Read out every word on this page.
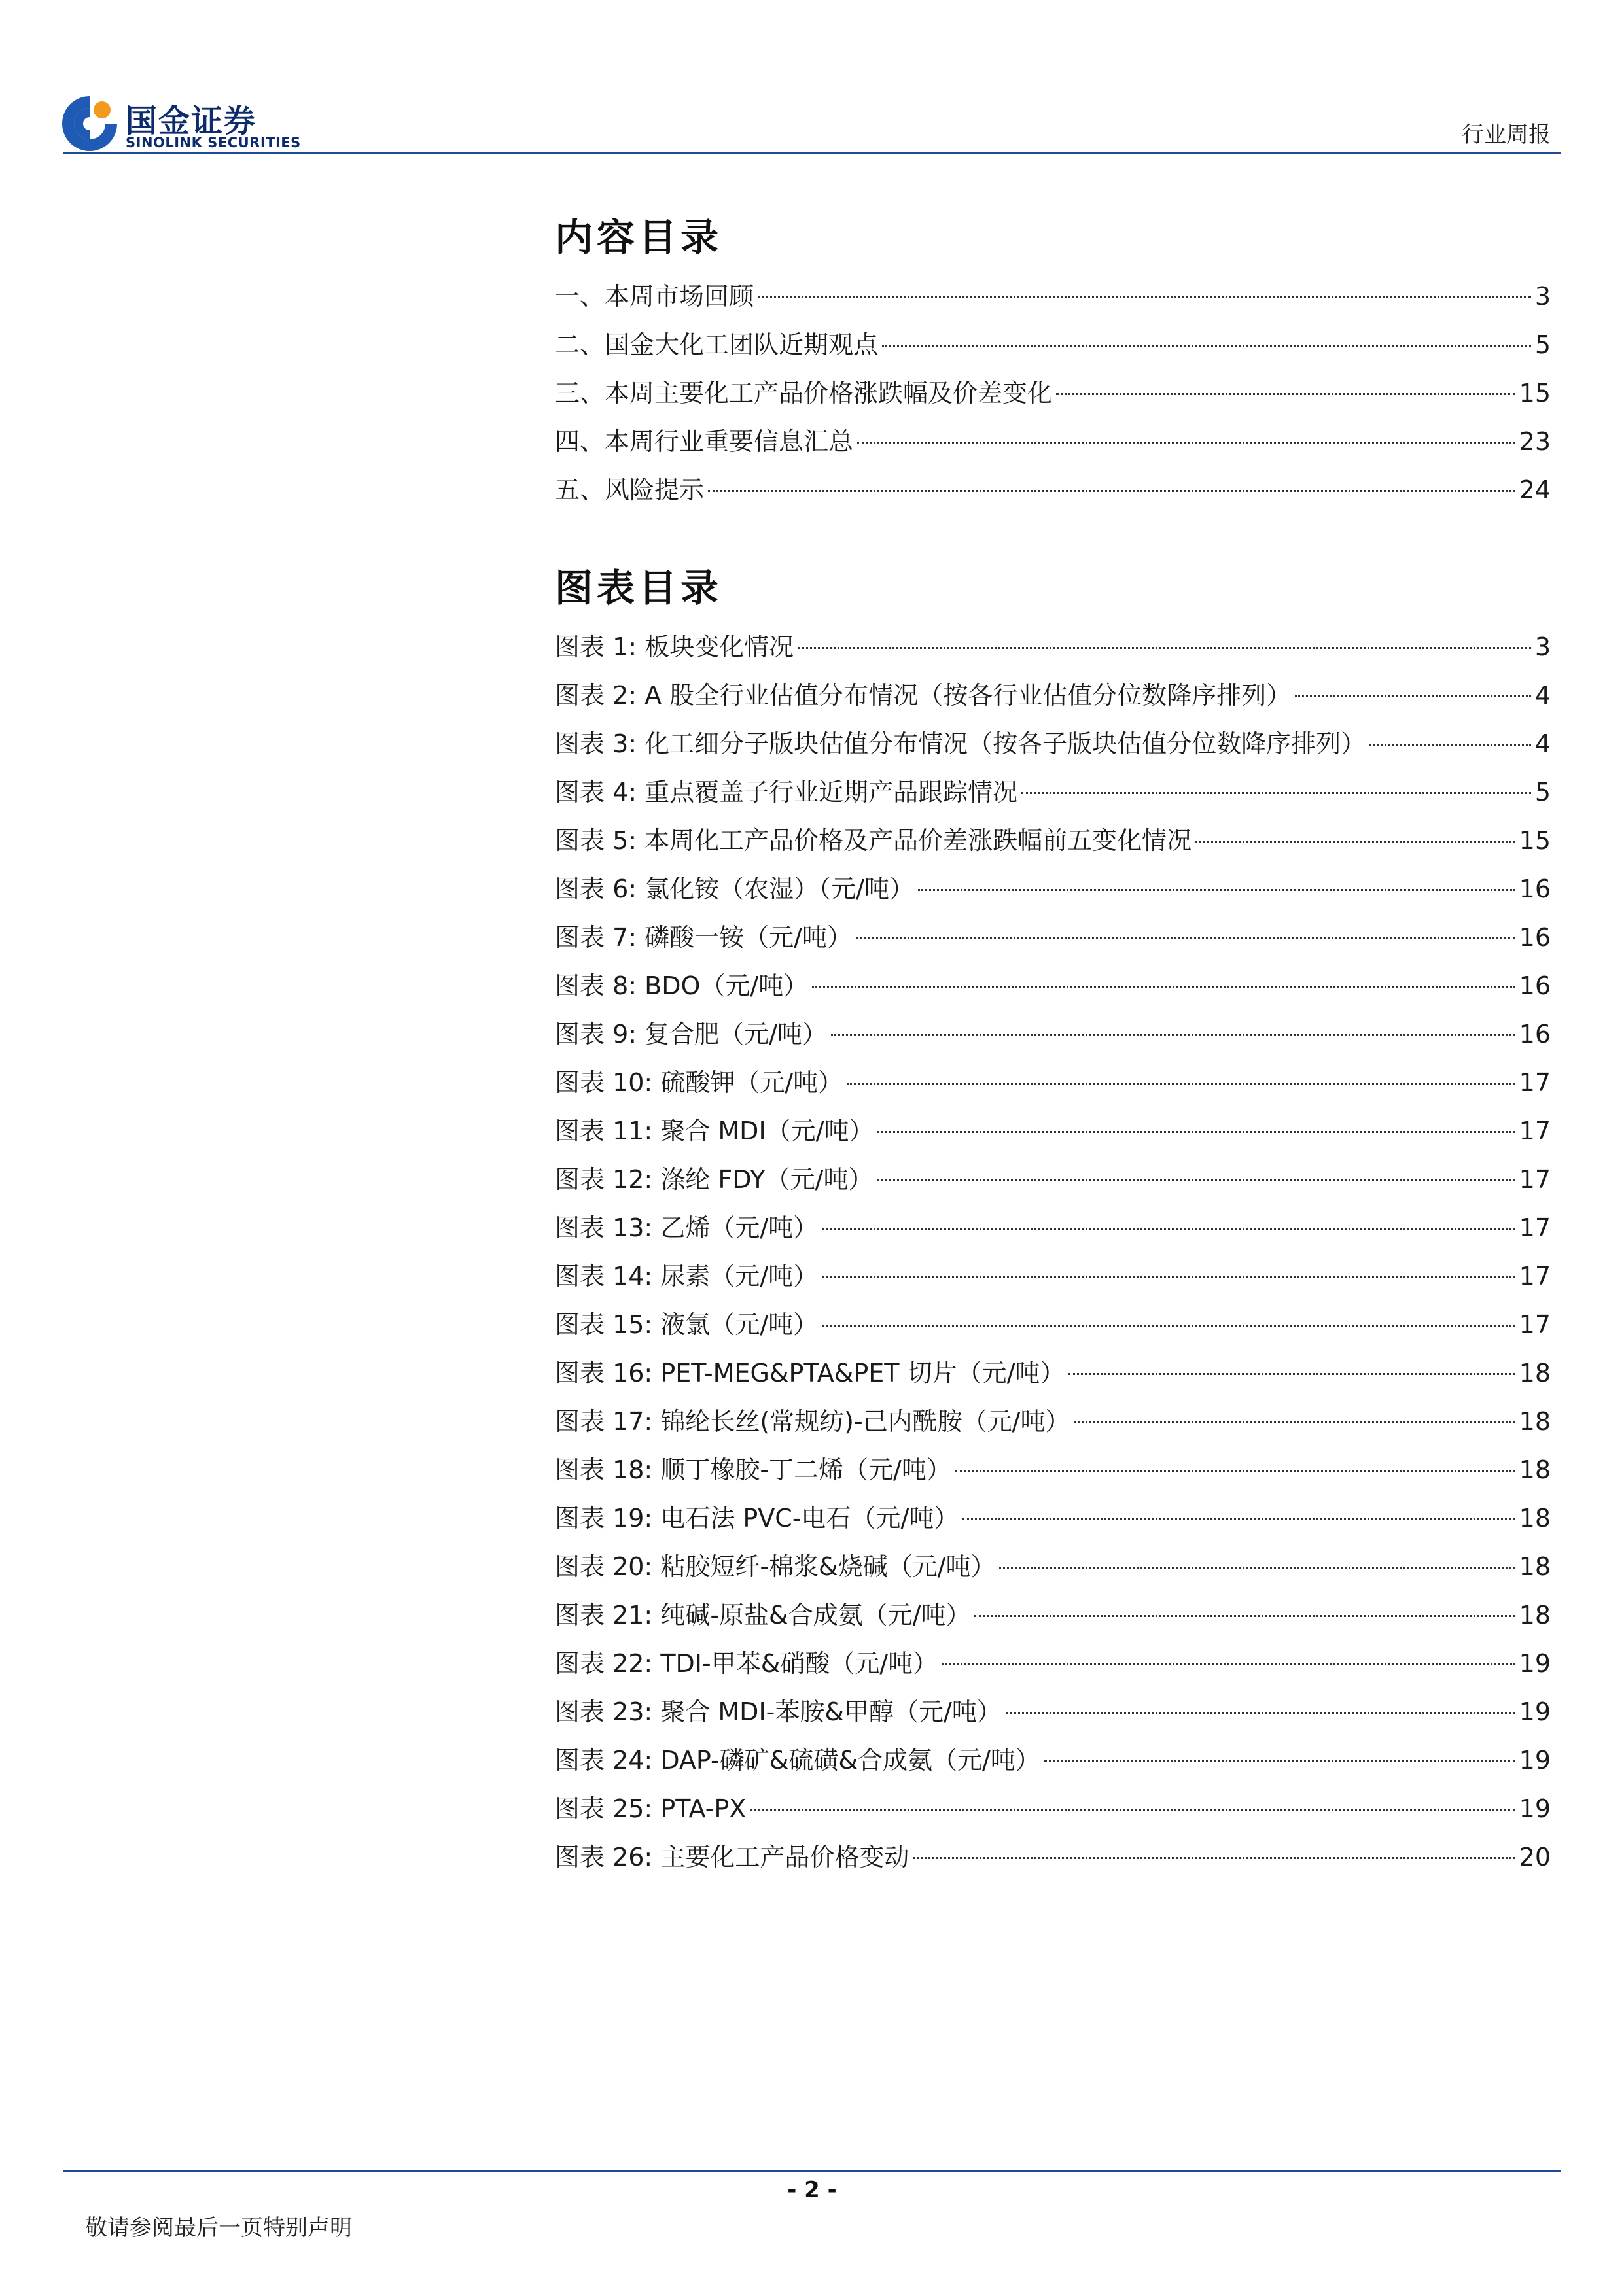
国金证券
SINOLINK SECURITIES	行业周报
内容目录
一、本周市场回顾	3
二、国金大化工团队近期观点	5
三、本周主要化工产品价格涨跌幅及价差变化	15
四、本周行业重要信息汇总	23
五、风险提示	24
图表目录
图表 1: 板块变化情况	3
图表 2: A 股全行业估值分布情况（按各行业估值分位数降序排列）	4
图表 3: 化工细分子版块估值分布情况（按各子版块估值分位数降序排列）	4
图表 4: 重点覆盖子行业近期产品跟踪情况	5
图表 5: 本周化工产品价格及产品价差涨跌幅前五变化情况	15
图表 6: 氯化铵（农湿）（元/吨）	16
图表 7: 磷酸一铵（元/吨）	16
图表 8: BDO（元/吨）	16
图表 9: 复合肥（元/吨）	16
图表 10: 硫酸钾（元/吨）	17
图表 11: 聚合 MDI（元/吨）	17
图表 12: 涤纶 FDY（元/吨）	17
图表 13: 乙烯（元/吨）	17
图表 14: 尿素（元/吨）	17
图表 15: 液氯（元/吨）	17
图表 16: PET-MEG&PTA&PET 切片（元/吨）	18
图表 17: 锦纶长丝(常规纺)-己内酰胺（元/吨）	18
图表 18: 顺丁橡胶-丁二烯（元/吨）	18
图表 19: 电石法 PVC-电石（元/吨）	18
图表 20: 粘胶短纤-棉浆&烧碱（元/吨）	18
图表 21: 纯碱-原盐&合成氨（元/吨）	18
图表 22: TDI-甲苯&硝酸（元/吨）	19
图表 23: 聚合 MDI-苯胺&甲醇（元/吨）	19
图表 24: DAP-磷矿&硫磺&合成氨（元/吨）	19
图表 25: PTA-PX	19
图表 26: 主要化工产品价格变动	20
- 2 -
敬请参阅最后一页特别声明
